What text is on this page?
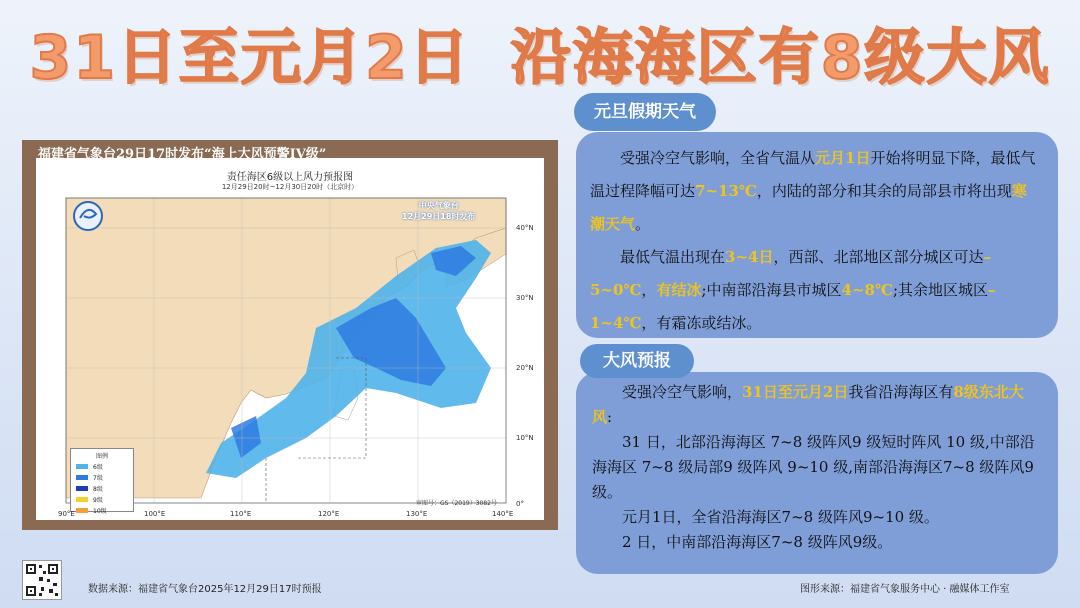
31日至元月2日 沿海海区有8级大风
福建省气象台29日17时发布“海上大风预警IV级”
责任海区6级以上风力预报图
12月29日20时~12月30日20时（北京时）
中央气象台
12月29日18时发布
图例
6级
7级
8级
9级
10级
审图号：GS（2019）3082号
90°E	100°E	110°E	120°E	130°E	140°E
40°N
30°N
20°N
10°N
0°
元旦假期天气

受强冷空气影响，全省气温从元月1日开始将明显下降，最低气温过程降幅可达7~13℃，内陆的部分和其余的局部县市将出现寒潮天气。

最低气温出现在3~4日，西部、北部地区部分城区可达–5~0℃，有结冰;中南部沿海县市城区4~8℃;其余地区城区–1~4℃，有霜冻或结冰。

大风预报

受强冷空气影响，31日至元月2日我省沿海海区有8级东北大风:

31 日，北部沿海海区 7~8 级阵风9 级短时阵风 10 级,中部沿海海区 7~8 级局部9 级阵风 9~10 级,南部沿海海区7~8 级阵风9级。

元月1日，全省沿海海区7~8 级阵风9~10 级。

2 日，中南部沿海海区7~8 级阵风9级。

数据来源：福建省气象台2025年12月29日17时预报	图形来源：福建省气象服务中心 · 融媒体工作室
